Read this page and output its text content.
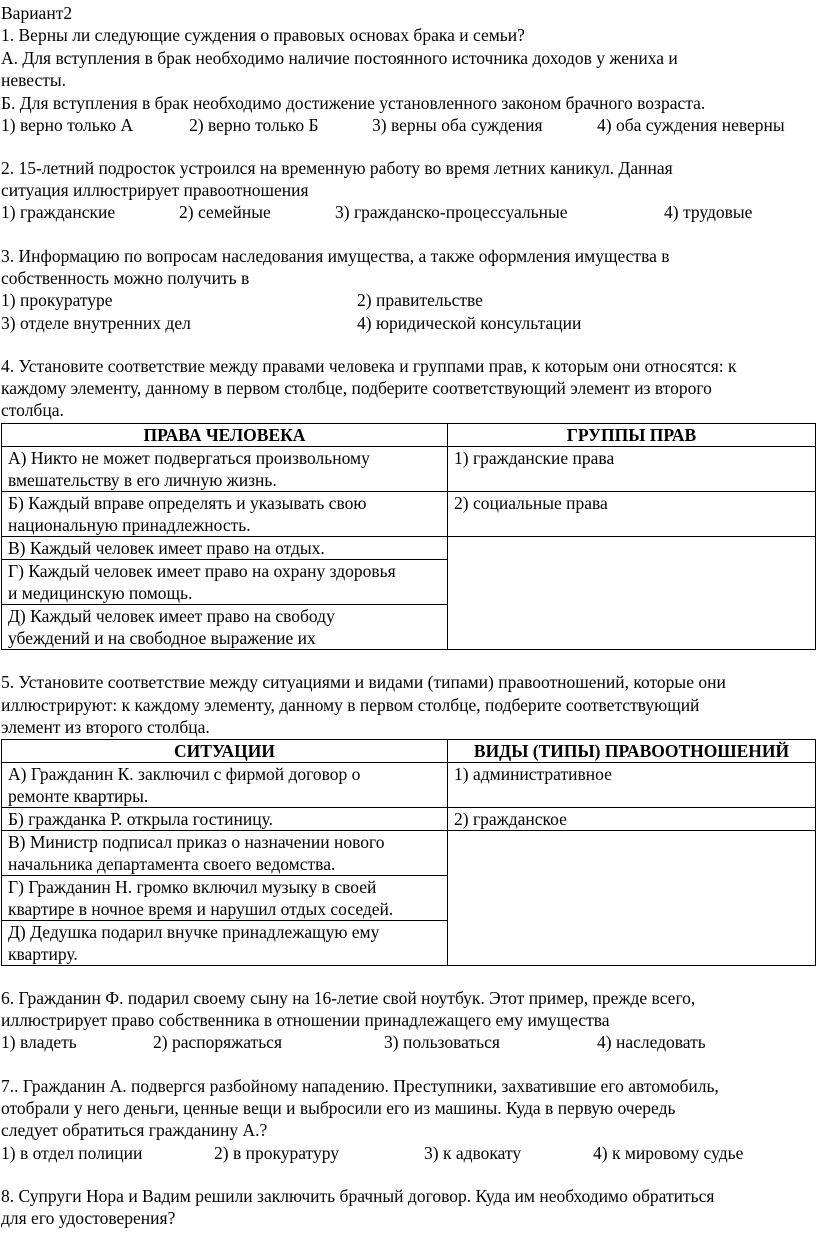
Вариант2
1. Верны ли следующие суждения о правовых основах брака и семьи?
А. Для вступления в брак необходимо наличие постоянного источника доходов у жениха и
невесты.
Б. Для вступления в брак необходимо достижение установленного законом брачного возраста.
1) верно только А	2) верно только Б	3) верны оба суждения	4) оба суждения неверны
2. 15-летний подросток устроился на временную работу во время летних каникул. Данная
ситуация иллюстрирует правоотношения
1) гражданские	2) семейные	3) гражданско-процессуальные	4) трудовые
3. Информацию по вопросам наследования имущества, а также оформления имущества в
собственность можно получить в
1) прокуратуре	2) правительстве
3) отделе внутренних дел	4) юридической консультации
4. Установите соответствие между правами человека и группами прав, к которым они относятся: к
каждому элементу, данному в первом столбце, подберите соответствующий элемент из второго
столбца.
ПРАВА ЧЕЛОВЕКА	ГРУППЫ ПРАВ

А) Никто не может подвергаться произвольному
вмешательству в его личную жизнь.	1) гражданские права

Б) Каждый вправе определять и указывать свою
национальную принадлежность.	2) социальные права

В) Каждый человек имеет право на отдых.	

Г) Каждый человек имеет право на охрану здоровья
и медицинскую помощь.	

Д) Каждый человек имеет право на свободу
убеждений и на свободное выражение их	
5. Установите соответствие между ситуациями и видами (типами) правоотношений, которые они
иллюстрируют: к каждому элементу, данному в первом столбце, подберите соответствующий
элемент из второго столбца.
СИТУАЦИИ	ВИДЫ (ТИПЫ) ПРАВООТНОШЕНИЙ

А) Гражданин К. заключил с фирмой договор о
ремонте квартиры.	1) административное

Б) гражданка Р. открыла гостиницу.	2) гражданское

В) Министр подписал приказ о назначении нового
начальника департамента своего ведомства.	

Г) Гражданин Н. громко включил музыку в своей
квартире в ночное время и нарушил отдых соседей.	

Д) Дедушка подарил внучке принадлежащую ему
квартиру.	
6. Гражданин Ф. подарил своему сыну на 16-летие свой ноутбук. Этот пример, прежде всего,
иллюстрирует право собственника в отношении принадлежащего ему имущества
1) владеть	2) распоряжаться	3) пользоваться	4) наследовать
7.. Гражданин А. подвергся разбойному нападению. Преступники, захватившие его автомобиль,
отобрали у него деньги, ценные вещи и выбросили его из машины. Куда в первую очередь
следует обратиться гражданину А.?
1) в отдел полиции	2) в прокуратуру	3) к адвокату	4) к мировому судье
8. Супруги Нора и Вадим решили заключить брачный договор. Куда им необходимо обратиться
для его удостоверения?
